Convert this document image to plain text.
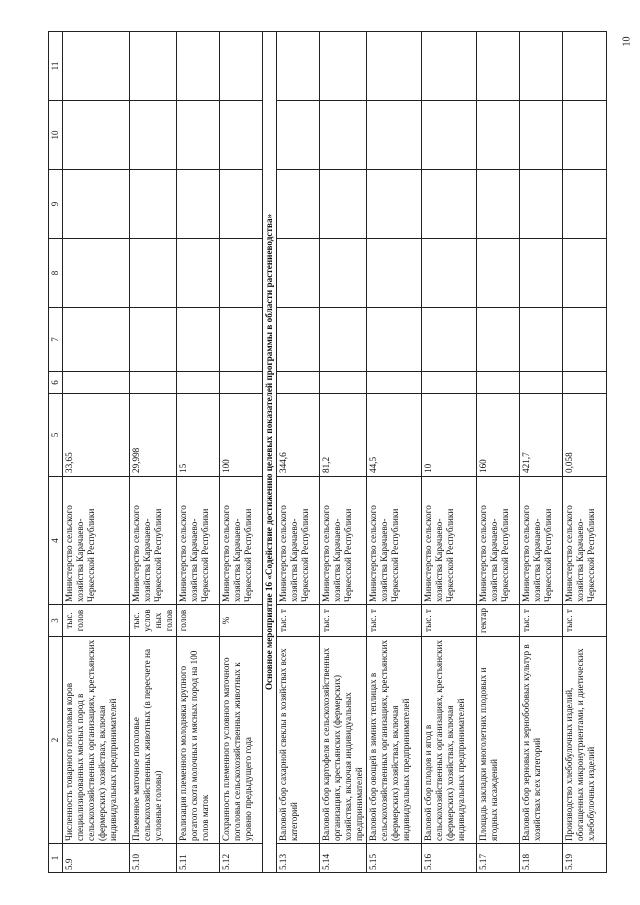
10
1	2	3	4	5	6	7	8	9	10	11
5.9	Численность товарного поголовья коров специализированных мясных пород в сельскохозяйственных организациях, крестьянских (фермерских) хозяйствах, включая индивидуальных предпринимателей	тыс. голов	Министерство сельского хозяйства Карачаево-Черкесской Республики	33,65						
5.10	Племенное маточное поголовье сельскохозяйственных животных (в пересчете на условные головы)	тыс. условных голов	Министерство сельского хозяйства Карачаево-Черкесской Республики	29,998						
5.11	Реализация племенного молодняка крупного рогатого скота молочных и мясных пород на 100 голов маток	голов	Министерство сельского хозяйства Карачаево-Черкесской Республики	15						
5.12	Сохранность племенного условного маточного поголовья сельскохозяйственных животных к уровню предыдущего года	%	Министерство сельского хозяйства Карачаево-Черкесской Республики	100						
Основное мероприятие 16 «Содействие достижению целевых показателей программы в области растениеводства»										
5.13	Валовой сбор сахарной свеклы в хозяйствах всех категорий	тыс. т	Министерство сельского хозяйства Карачаево-Черкесской Республики	344,6						
5.14	Валовой сбор картофеля в сельскохозяйственных организациях, крестьянских (фермерских) хозяйствах, включая индивидуальных предпринимателей	тыс. т	Министерство сельского хозяйства Карачаево-Черкесской Республики	81,2						
5.15	Валовой сбор овощей в зимних теплицах в сельскохозяйственных организациях, крестьянских (фермерских) хозяйствах, включая индивидуальных предпринимателей	тыс. т	Министерство сельского хозяйства Карачаево-Черкесской Республики	44,5						
5.16	Валовой сбор плодов и ягод в сельскохозяйственных организациях, крестьянских (фермерских) хозяйствах, включая индивидуальных предпринимателей	тыс. т	Министерство сельского хозяйства Карачаево-Черкесской Республики	10						
5.17	Площадь закладки многолетних плодовых и ягодных насаждений	гектар	Министерство сельского хозяйства Карачаево-Черкесской Республики	160						
5.18	Валовой сбор зерновых и зернобобовых культур в хозяйствах всех категорий	тыс. т	Министерство сельского хозяйства Карачаево-Черкесской Республики	421,7						
5.19	Производство хлебобулочных изделий, обогащенных микронутриентами, и диетических хлебобулочных изделий	тыс. т	Министерство сельского хозяйства Карачаево-Черкесской Республики	0,058						
